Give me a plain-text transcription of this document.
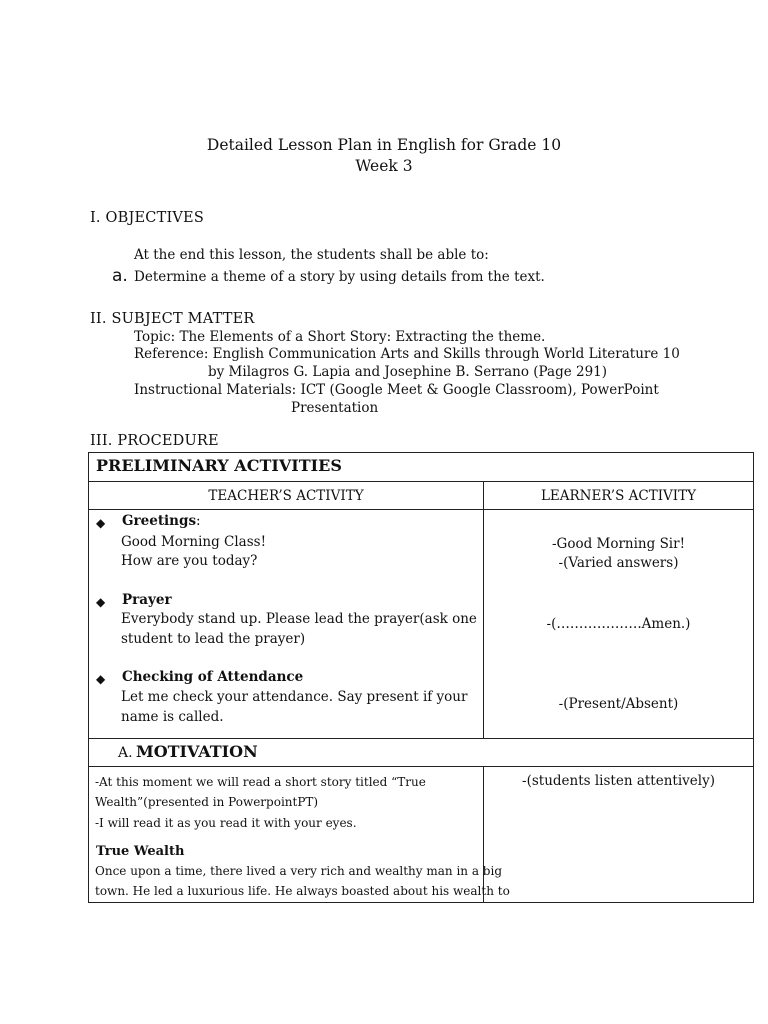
Detailed Lesson Plan in English for Grade 10
Week 3
I. OBJECTIVES
At the end this lesson, the students shall be able to:
a. Determine a theme of a story by using details from the text.
II. SUBJECT MATTER
Topic: The Elements of a Short Story: Extracting the theme.
Reference: English Communication Arts and Skills through World Literature 10
by Milagros G. Lapia and Josephine B. Serrano (Page 291)
Instructional Materials: ICT (Google Meet & Google Classroom), PowerPoint
Presentation
III. PROCEDURE
PRELIMINARY ACTIVITIES
TEACHER’S ACTIVITY	LEARNER’S ACTIVITY
◆ Greetings:
Good Morning Class!
How are you today?
-Good Morning Sir!
-(Varied answers)
◆ Prayer
Everybody stand up. Please lead the prayer(ask one
student to lead the prayer)
-(……………….Amen.)
◆ Checking of Attendance
Let me check your attendance. Say present if your
name is called.
-(Present/Absent)
A. MOTIVATION
-At this moment we will read a short story titled “True
Wealth”(presented in PowerpointPT)
-I will read it as you read it with your eyes.
-(students listen attentively)
True Wealth
Once upon a time, there lived a very rich and wealthy man in a big
town. He led a luxurious life. He always boasted about his wealth to
